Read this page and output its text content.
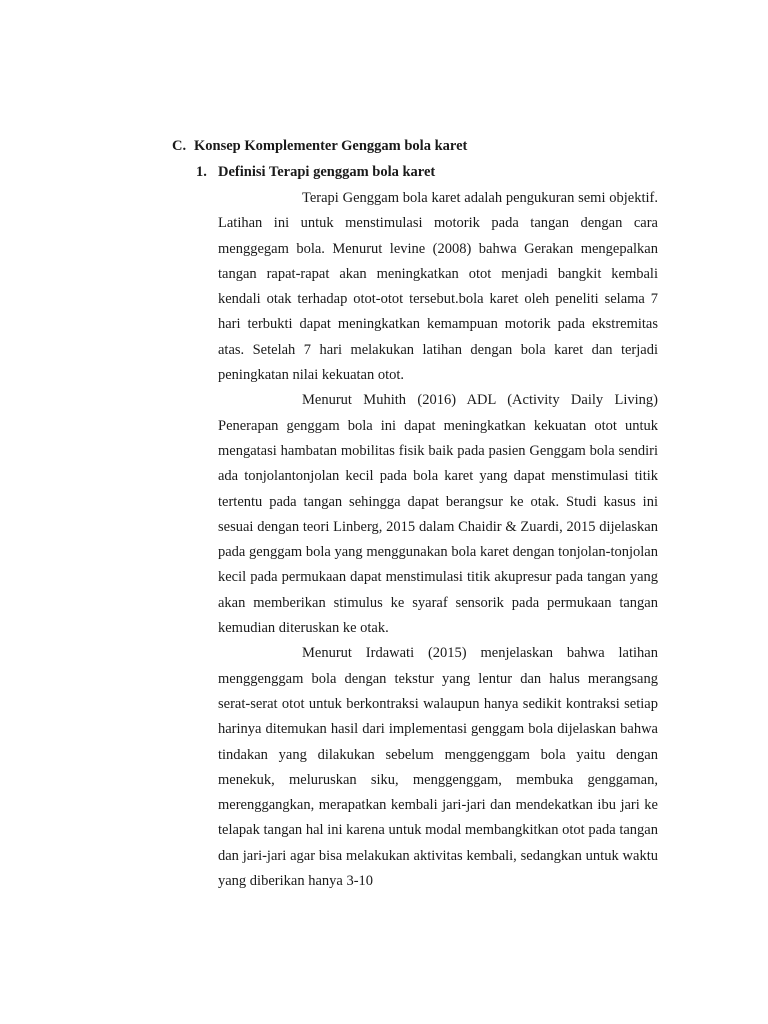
C. Konsep Komplementer Genggam bola karet
1. Definisi Terapi genggam bola karet

Terapi Genggam bola karet adalah pengukuran semi objektif. Latihan ini untuk menstimulasi motorik pada tangan dengan cara menggegam bola. Menurut levine (2008) bahwa Gerakan mengepalkan tangan rapat-rapat akan meningkatkan otot menjadi bangkit kembali kendali otak terhadap otot-otot tersebut.bola karet oleh peneliti selama 7 hari terbukti dapat meningkatkan kemampuan motorik pada ekstremitas atas. Setelah 7 hari melakukan latihan dengan bola karet dan terjadi peningkatan nilai kekuatan otot.

Menurut Muhith (2016) ADL (Activity Daily Living) Penerapan genggam bola ini dapat meningkatkan kekuatan otot untuk mengatasi hambatan mobilitas fisik baik pada pasien Genggam bola sendiri ada tonjolantonjolan kecil pada bola karet yang dapat menstimulasi titik tertentu pada tangan sehingga dapat berangsur ke otak. Studi kasus ini sesuai dengan teori Linberg, 2015 dalam Chaidir & Zuardi, 2015 dijelaskan pada genggam bola yang menggunakan bola karet dengan tonjolan-tonjolan kecil pada permukaan dapat menstimulasi titik akupresur pada tangan yang akan memberikan stimulus ke syaraf sensorik pada permukaan tangan kemudian diteruskan ke otak.

Menurut Irdawati (2015) menjelaskan bahwa latihan menggenggam bola dengan tekstur yang lentur dan halus merangsang serat-serat otot untuk berkontraksi walaupun hanya sedikit kontraksi setiap harinya ditemukan hasil dari implementasi genggam bola dijelaskan bahwa tindakan yang dilakukan sebelum menggenggam bola yaitu dengan menekuk, meluruskan siku, menggenggam, membuka genggaman, merenggangkan, merapatkan kembali jari-jari dan mendekatkan ibu jari ke telapak tangan hal ini karena untuk modal membangkitkan otot pada tangan dan jari-jari agar bisa melakukan aktivitas kembali, sedangkan untuk waktu yang diberikan hanya 3-10
